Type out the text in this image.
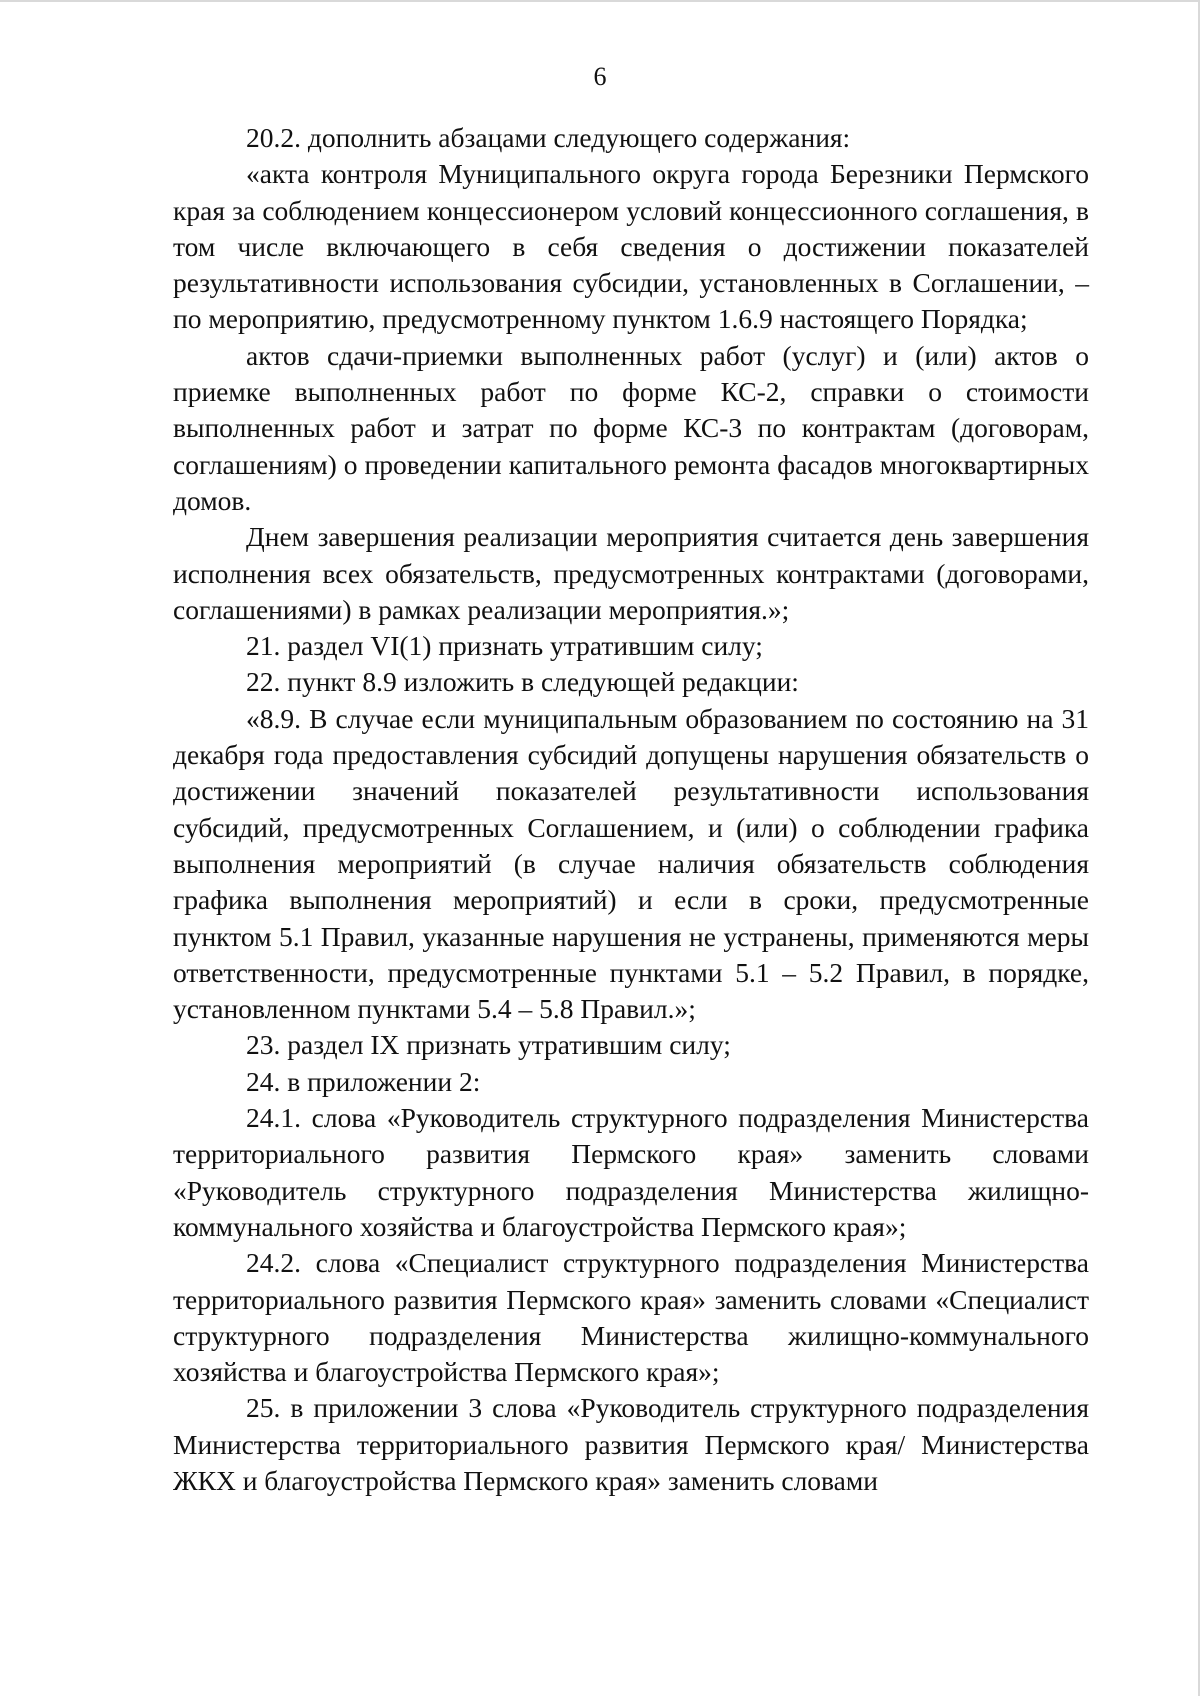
6

20.2. дополнить абзацами следующего содержания:

«акта контроля Муниципального округа города Березники Пермского края за соблюдением концессионером условий концессионного соглашения, в том числе включающего в себя сведения о достижении показателей результативности использования субсидии, установленных в Соглашении, – по мероприятию, предусмотренному пунктом 1.6.9 настоящего Порядка;

актов сдачи-приемки выполненных работ (услуг) и (или) актов о приемке выполненных работ по форме КС-2, справки о стоимости выполненных работ и затрат по форме КС-3 по контрактам (договорам, соглашениям) о проведении капитального ремонта фасадов многоквартирных домов.

Днем завершения реализации мероприятия считается день завершения исполнения всех обязательств, предусмотренных контрактами (договорами, соглашениями) в рамках реализации мероприятия.»;

21. раздел VI(1) признать утратившим силу;

22. пункт 8.9 изложить в следующей редакции:

«8.9. В случае если муниципальным образованием по состоянию на 31 декабря года предоставления субсидий допущены нарушения обязательств о достижении значений показателей результативности использования субсидий, предусмотренных Соглашением, и (или) о соблюдении графика выполнения мероприятий (в случае наличия обязательств соблюдения графика выполнения мероприятий) и если в сроки, предусмотренные пунктом 5.1 Правил, указанные нарушения не устранены, применяются меры ответственности, предусмотренные пунктами 5.1 – 5.2 Правил, в порядке, установленном пунктами 5.4 – 5.8 Правил.»;

23. раздел IX признать утратившим силу;

24. в приложении 2:

24.1. слова «Руководитель структурного подразделения Министерства территориального развития Пермского края» заменить словами «Руководитель структурного подразделения Министерства жилищно-коммунального хозяйства и благоустройства Пермского края»;

24.2. слова «Специалист структурного подразделения Министерства территориального развития Пермского края» заменить словами «Специалист структурного подразделения Министерства жилищно-коммунального хозяйства и благоустройства Пермского края»;

25. в приложении 3 слова «Руководитель структурного подразделения Министерства территориального развития Пермского края/ Министерства ЖКХ и благоустройства Пермского края» заменить словами
